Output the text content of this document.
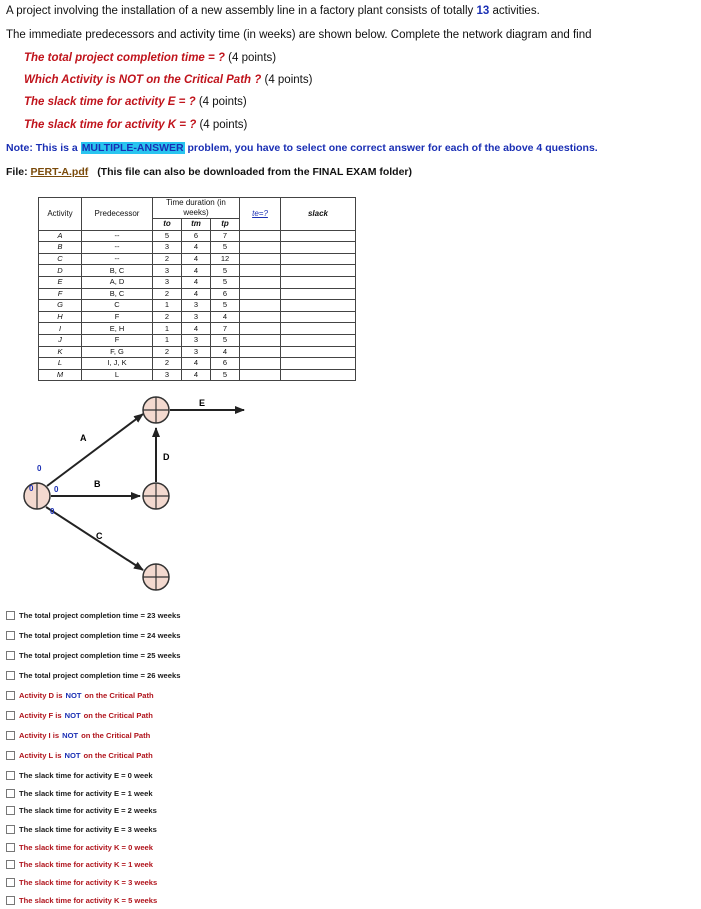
A project involving the installation of a new assembly line in a factory plant consists of totally 13 activities.
The immediate predecessors and activity time (in weeks) are shown below. Complete the network diagram and find
The total project completion time = ? (4 points)
Which Activity is NOT on the Critical Path ? (4 points)
The slack time for activity E = ? (4 points)
The slack time for activity K = ? (4 points)
Note: This is a MULTIPLE-ANSWER problem, you have to select one correct answer for each of the above 4 questions.
File: PERT-A.pdf (This file can also be downloaded from the FINAL EXAM folder)
Activity	Predecessor	Time duration (in weeks)			te=?	slack
		to	tm	tp		
A	--	5	6	7		
B	--	3	4	5		
C	--	2	4	12		
D	B, C	3	4	5		
E	A, D	3	4	5		
F	B, C	2	4	6		
G	C	1	3	5		
H	F	2	3	4		
I	E, H	1	4	7		
J	F	1	3	5		
K	F, G	2	3	4		
L	I, J, K	2	4	6		
M	L	3	4	5		
A
B
C
D
E
0
0	0
0
The total project completion time = 23 weeks
The total project completion time = 24 weeks
The total project completion time = 25 weeks
The total project completion time = 26 weeks
Activity D is NOT on the Critical Path
Activity F is NOT on the Critical Path
Activity I is NOT on the Critical Path
Activity L is NOT on the Critical Path
The slack time for activity E = 0 week
The slack time for activity E = 1 week
The slack time for activity E = 2 weeks
The slack time for activity E = 3 weeks
The slack time for activity K = 0 week
The slack time for activity K = 1 week
The slack time for activity K = 3 weeks
The slack time for activity K = 5 weeks
